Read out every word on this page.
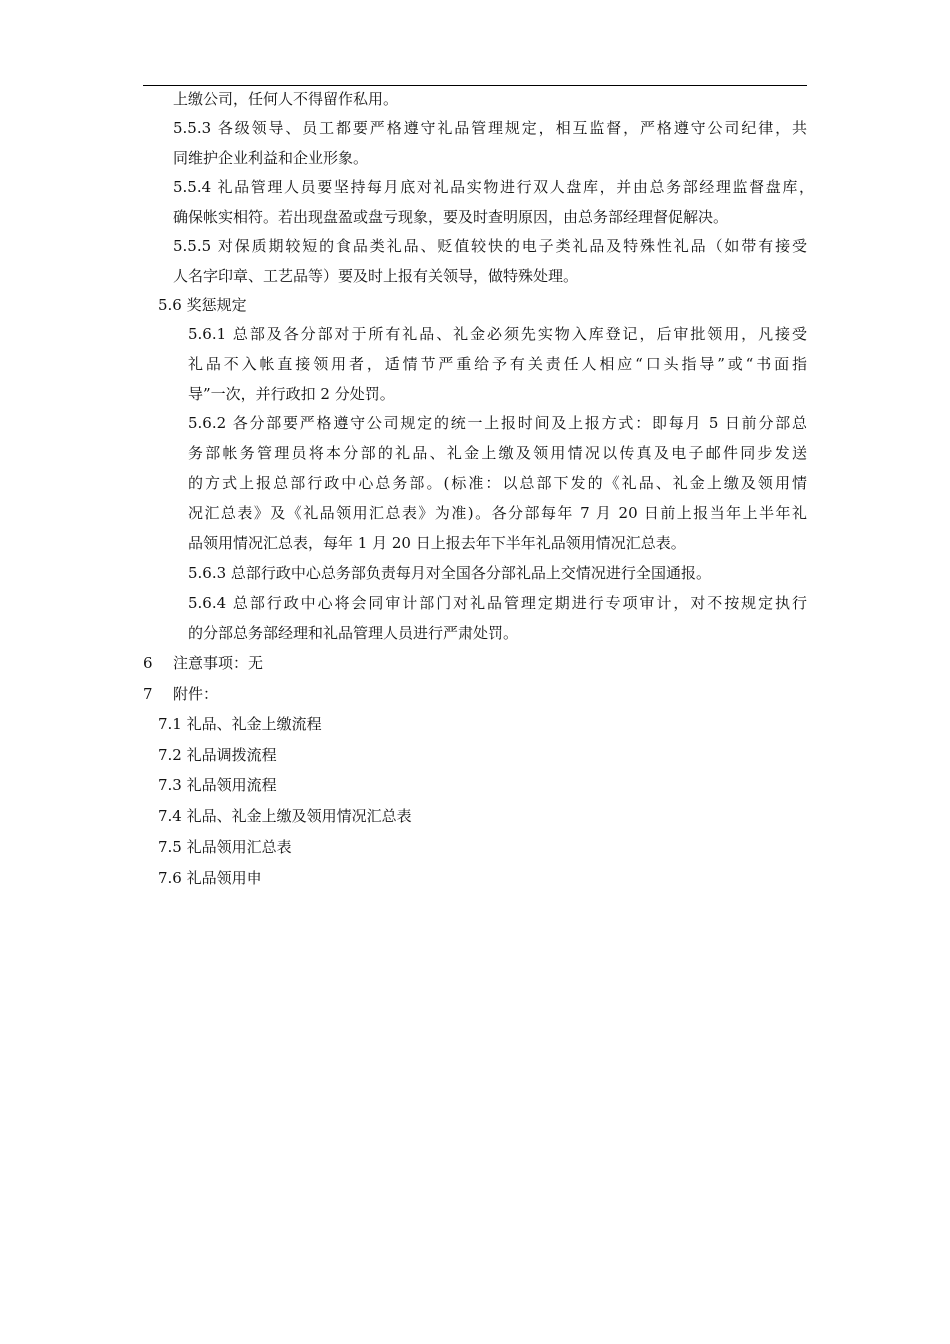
上缴公司，任何人不得留作私用。
5.5.3 各级领导、员工都要严格遵守礼品管理规定，相互监督，严格遵守公司纪律，共
同维护企业利益和企业形象。
5.5.4 礼品管理人员要坚持每月底对礼品实物进行双人盘库，并由总务部经理监督盘库，
确保帐实相符。若出现盘盈或盘亏现象，要及时查明原因，由总务部经理督促解决。
5.5.5 对保质期较短的食品类礼品、贬值较快的电子类礼品及特殊性礼品（如带有接受
人名字印章、工艺品等）要及时上报有关领导，做特殊处理。
5.6 奖惩规定
5.6.1 总部及各分部对于所有礼品、礼金必须先实物入库登记，后审批领用，凡接受
礼品不入帐直接领用者，适情节严重给予有关责任人相应“口头指导”或“书面指
导”一次，并行政扣 2 分处罚。
5.6.2 各分部要严格遵守公司规定的统一上报时间及上报方式：即每月 5 日前分部总
务部帐务管理员将本分部的礼品、礼金上缴及领用情况以传真及电子邮件同步发送
的方式上报总部行政中心总务部。(标准：以总部下发的《礼品、礼金上缴及领用情
况汇总表》及《礼品领用汇总表》为准)。各分部每年 7 月 20 日前上报当年上半年礼
品领用情况汇总表，每年 1 月 20 日上报去年下半年礼品领用情况汇总表。
5.6.3 总部行政中心总务部负责每月对全国各分部礼品上交情况进行全国通报。
5.6.4 总部行政中心将会同审计部门对礼品管理定期进行专项审计，对不按规定执行
的分部总务部经理和礼品管理人员进行严肃处罚。
6 注意事项：无
7 附件：
7.1 礼品、礼金上缴流程
7.2 礼品调拨流程
7.3 礼品领用流程
7.4 礼品、礼金上缴及领用情况汇总表
7.5 礼品领用汇总表
7.6 礼品领用申
